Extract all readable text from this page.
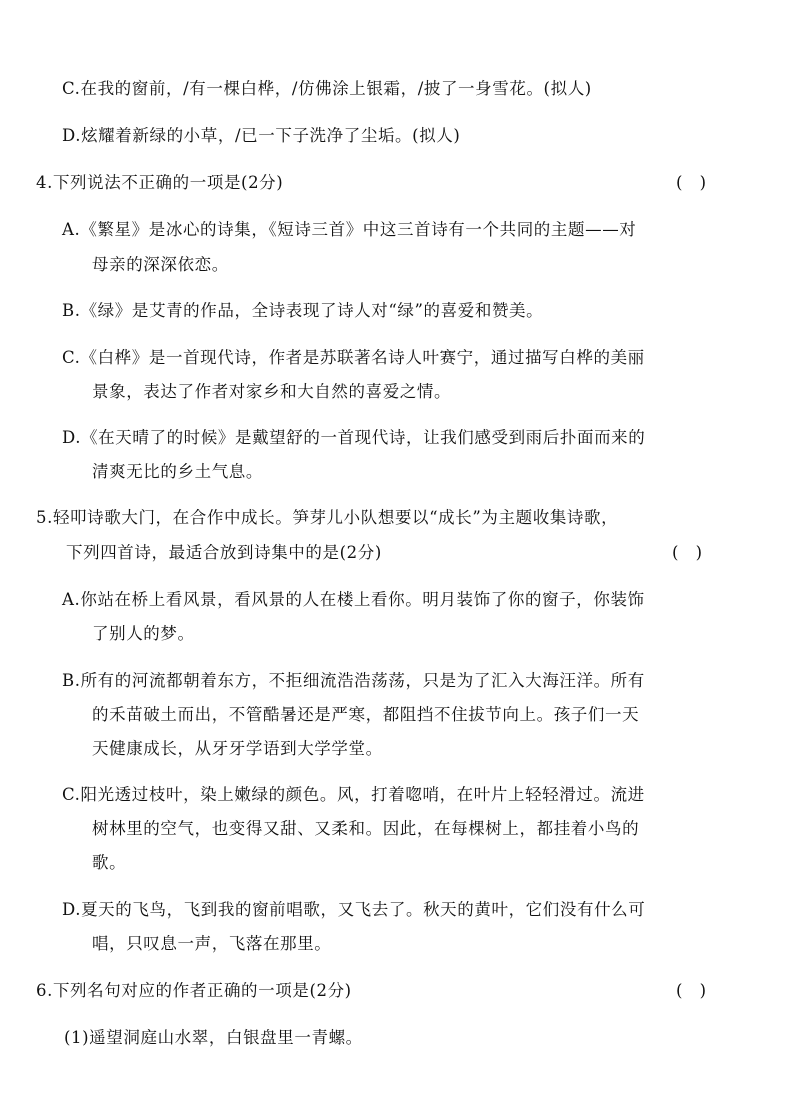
C.在我的窗前，/有一棵白桦，/仿佛涂上银霜，/披了一身雪花。(拟人)
D.炫耀着新绿的小草，/已一下子洗净了尘垢。(拟人)
4.下列说法不正确的一项是(2分)	( )
A.《繁星》是冰心的诗集，《短诗三首》中这三首诗有一个共同的主题——对
母亲的深深依恋。
B.《绿》是艾青的作品，全诗表现了诗人对“绿”的喜爱和赞美。
C.《白桦》是一首现代诗，作者是苏联著名诗人叶赛宁，通过描写白桦的美丽
景象，表达了作者对家乡和大自然的喜爱之情。
D.《在天晴了的时候》是戴望舒的一首现代诗，让我们感受到雨后扑面而来的
清爽无比的乡土气息。
5.轻叩诗歌大门，在合作中成长。笋芽儿小队想要以“成长”为主题收集诗歌，
下列四首诗，最适合放到诗集中的是(2分)	( )
A.你站在桥上看风景，看风景的人在楼上看你。明月装饰了你的窗子，你装饰
了别人的梦。
B.所有的河流都朝着东方，不拒细流浩浩荡荡，只是为了汇入大海汪洋。所有
的禾苗破土而出，不管酷暑还是严寒，都阻挡不住拔节向上。孩子们一天
天健康成长，从牙牙学语到大学学堂。
C.阳光透过枝叶，染上嫩绿的颜色。风，打着唿哨，在叶片上轻轻滑过。流进
树林里的空气，也变得又甜、又柔和。因此，在每棵树上，都挂着小鸟的
歌。
D.夏天的飞鸟，飞到我的窗前唱歌，又飞去了。秋天的黄叶，它们没有什么可
唱，只叹息一声，飞落在那里。
6.下列名句对应的作者正确的一项是(2分)	( )
(1)遥望洞庭山水翠，白银盘里一青螺。
